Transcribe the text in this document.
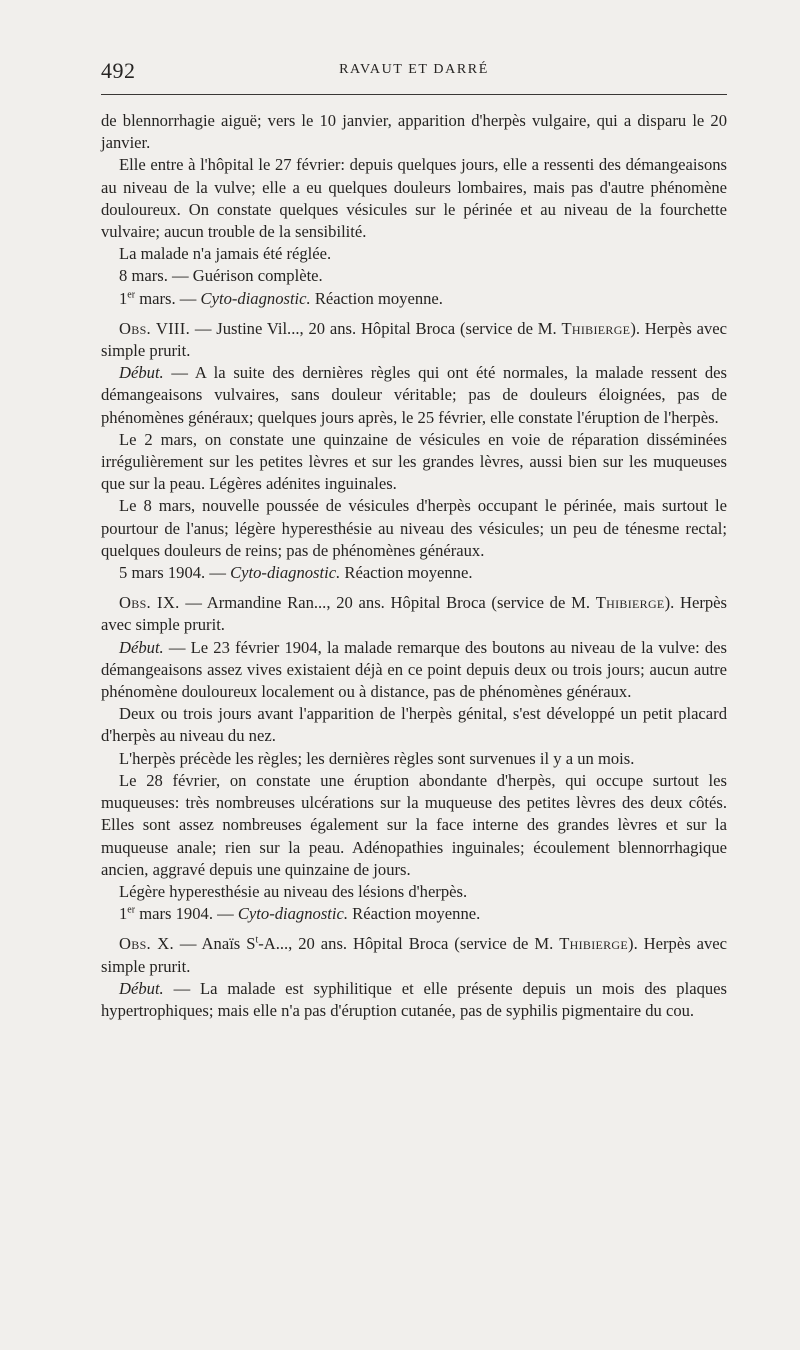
492	RAVAUT ET DARRÉ

de blennorrhagie aiguë; vers le 10 janvier, apparition d'herpès vulgaire, qui a disparu le 20 janvier.

Elle entre à l'hôpital le 27 février: depuis quelques jours, elle a ressenti des démangeaisons au niveau de la vulve; elle a eu quelques douleurs lombaires, mais pas d'autre phénomène douloureux. On constate quelques vésicules sur le périnée et au niveau de la fourchette vulvaire; aucun trouble de la sensibilité.

La malade n'a jamais été réglée.

8 mars. — Guérison complète.

1er mars. — Cyto-diagnostic. Réaction moyenne.

Obs. VIII. — Justine Vil..., 20 ans. Hôpital Broca (service de M. Thibierge). Herpès avec simple prurit.

Début. — A la suite des dernières règles qui ont été normales, la malade ressent des démangeaisons vulvaires, sans douleur véritable; pas de douleurs éloignées, pas de phénomènes généraux; quelques jours après, le 25 février, elle constate l'éruption de l'herpès.

Le 2 mars, on constate une quinzaine de vésicules en voie de réparation disséminées irrégulièrement sur les petites lèvres et sur les grandes lèvres, aussi bien sur les muqueuses que sur la peau. Légères adénites inguinales.

Le 8 mars, nouvelle poussée de vésicules d'herpès occupant le périnée, mais surtout le pourtour de l'anus; légère hyperesthésie au niveau des vésicules; un peu de ténesme rectal; quelques douleurs de reins; pas de phénomènes généraux.

5 mars 1904. — Cyto-diagnostic. Réaction moyenne.

Obs. IX. — Armandine Ran..., 20 ans. Hôpital Broca (service de M. Thibierge). Herpès avec simple prurit.

Début. — Le 23 février 1904, la malade remarque des boutons au niveau de la vulve: des démangeaisons assez vives existaient déjà en ce point depuis deux ou trois jours; aucun autre phénomène douloureux localement ou à distance, pas de phénomènes généraux.

Deux ou trois jours avant l'apparition de l'herpès génital, s'est développé un petit placard d'herpès au niveau du nez.

L'herpès précède les règles; les dernières règles sont survenues il y a un mois.

Le 28 février, on constate une éruption abondante d'herpès, qui occupe surtout les muqueuses: très nombreuses ulcérations sur la muqueuse des petites lèvres des deux côtés. Elles sont assez nombreuses également sur la face interne des grandes lèvres et sur la muqueuse anale; rien sur la peau. Adénopathies inguinales; écoulement blennorrhagique ancien, aggravé depuis une quinzaine de jours.

Légère hyperesthésie au niveau des lésions d'herpès.

1er mars 1904. — Cyto-diagnostic. Réaction moyenne.

Obs. X. — Anaïs $S^t-A$..., 20 ans. Hôpital Broca (service de M. Thibierge). Herpès avec simple prurit.

Début. — La malade est syphilitique et elle présente depuis un mois des plaques hypertrophiques; mais elle n'a pas d'éruption cutanée, pas de syphilis pigmentaire du cou.
